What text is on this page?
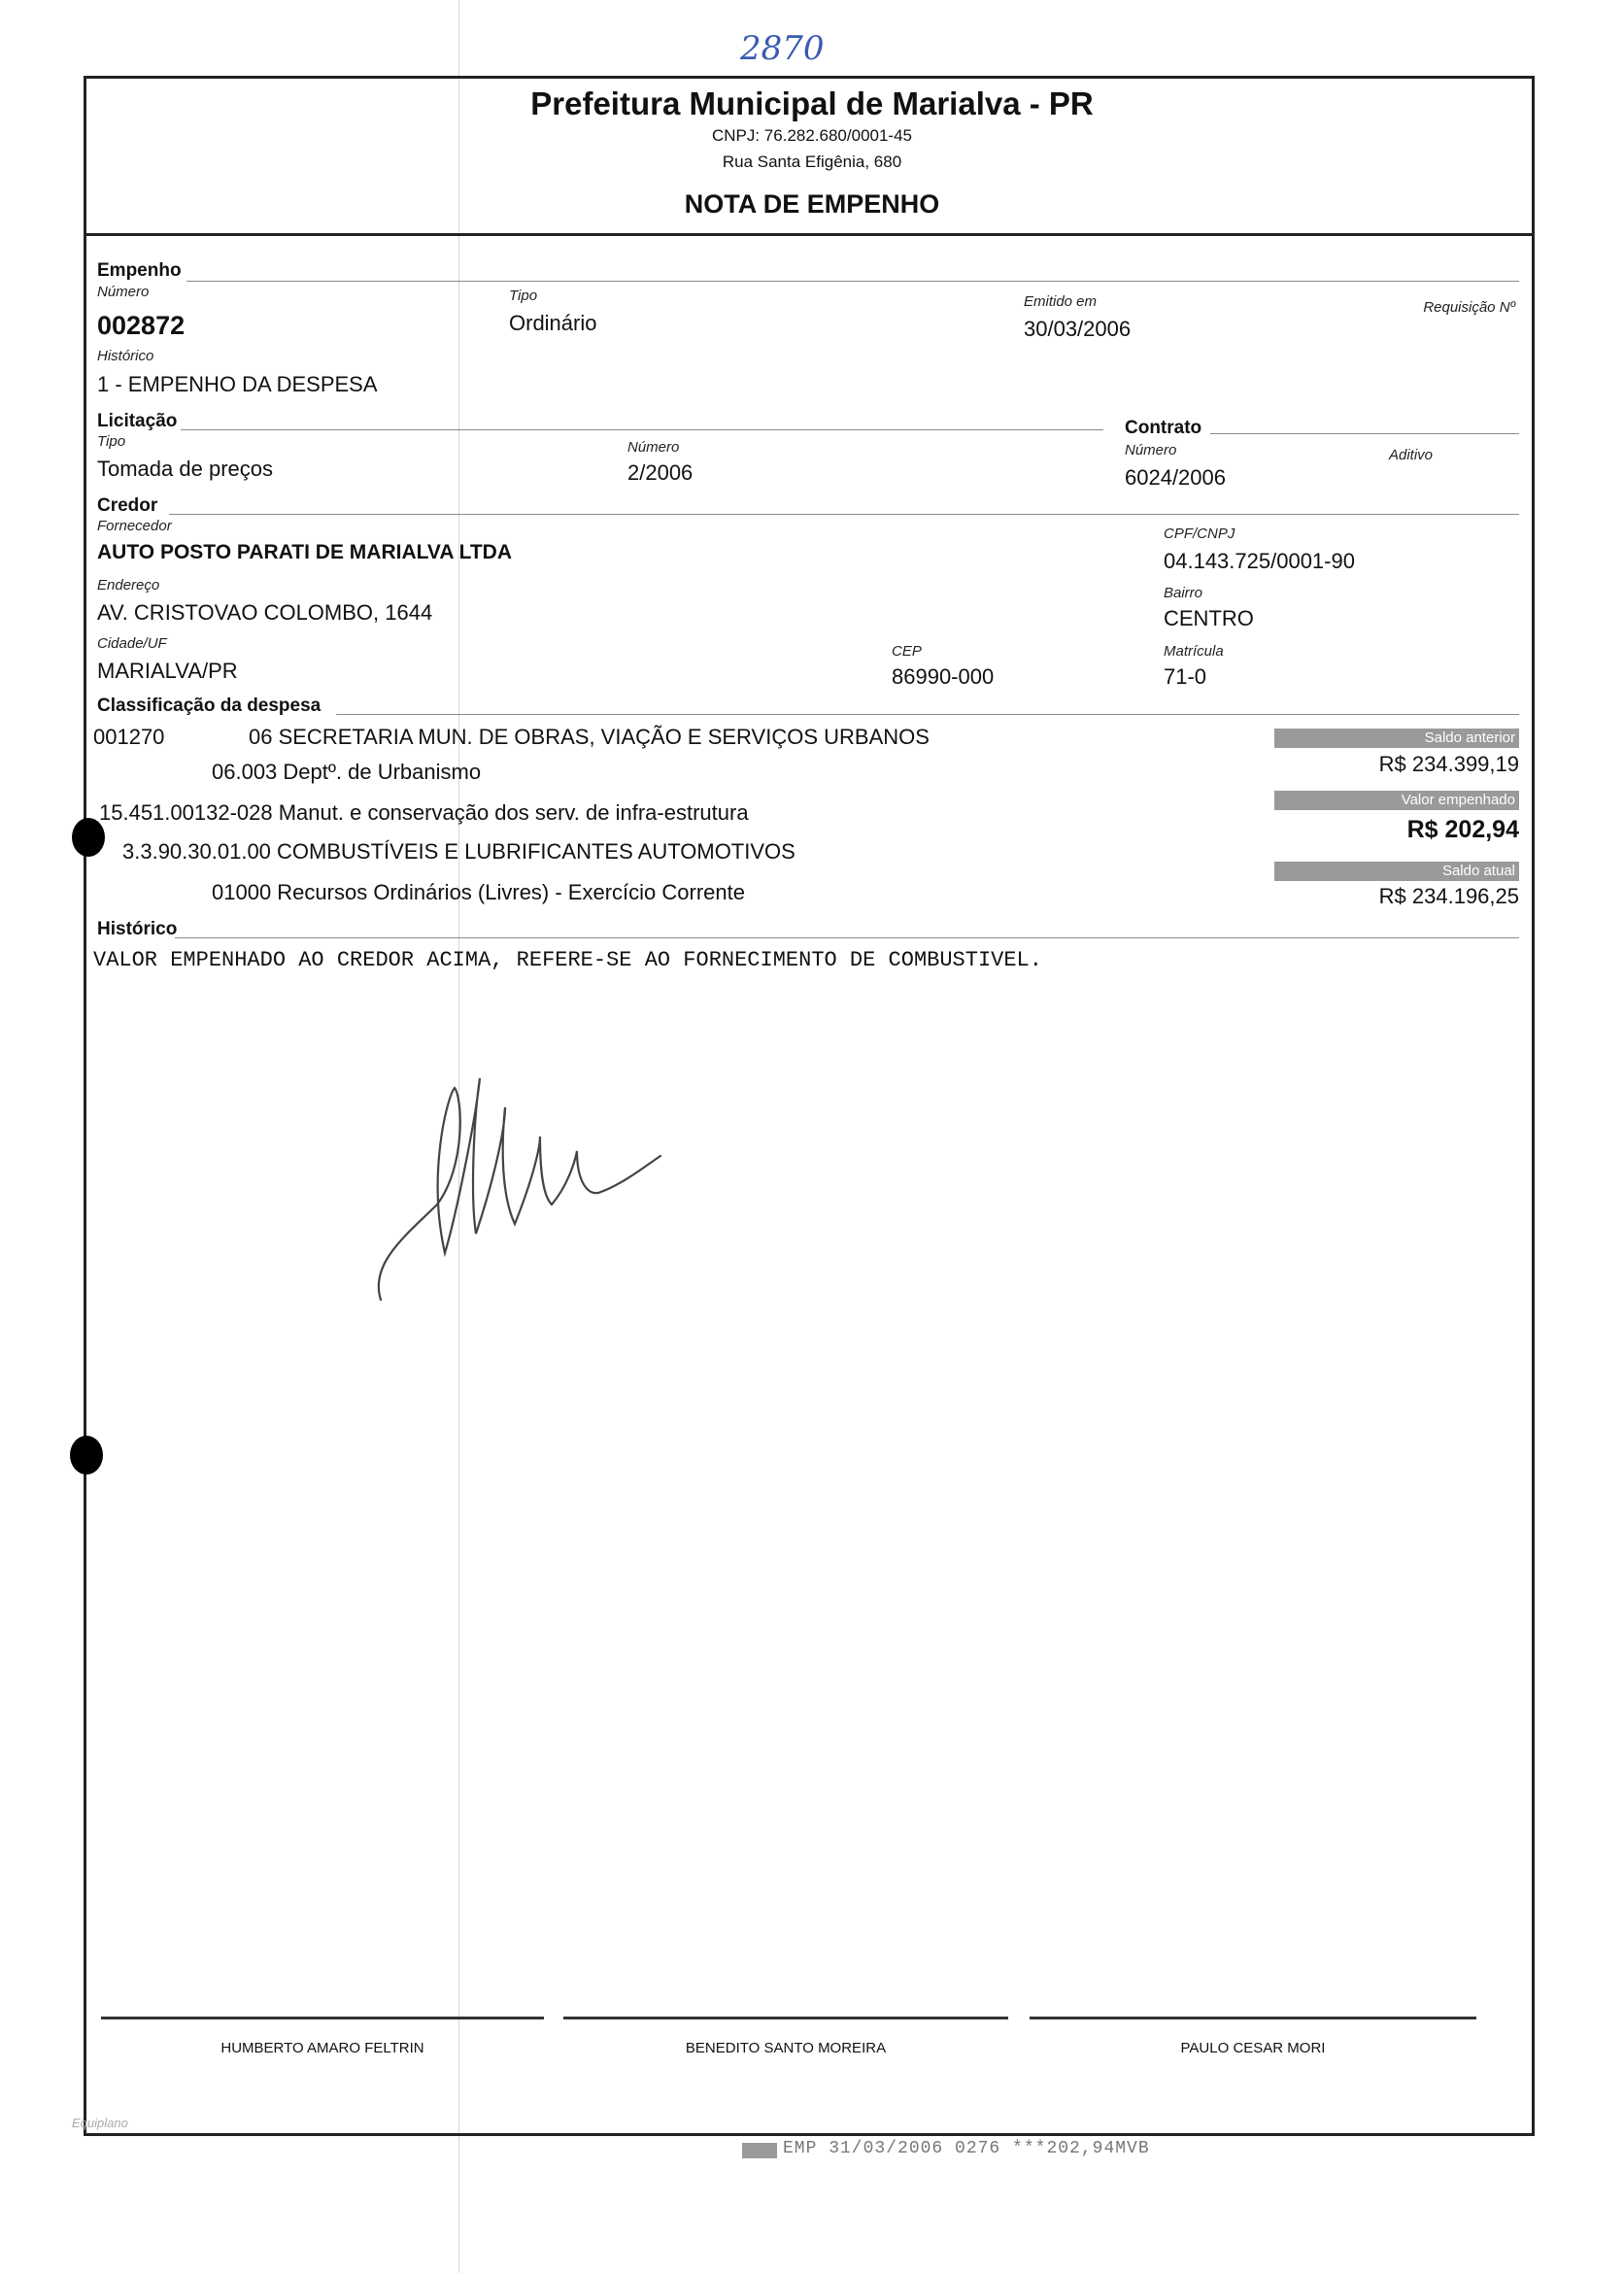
2870
Prefeitura Municipal de Marialva - PR
CNPJ: 76.282.680/0001-45
Rua Santa Efigênia, 680
NOTA DE EMPENHO
Empenho
Número
002872
Tipo
Ordinário
Emitido em
30/03/2006
Requisição Nº
Histórico
1 - EMPENHO DA DESPESA
Licitação
Tipo
Tomada de preços
Número
2/2006
Contrato
Número
6024/2006
Aditivo
Credor
Fornecedor
AUTO POSTO PARATI DE MARIALVA LTDA
CPF/CNPJ
04.143.725/0001-90
Endereço
AV. CRISTOVAO COLOMBO, 1644
Bairro
CENTRO
Cidade/UF
MARIALVA/PR
CEP
86990-000
Matrícula
71-0
Classificação da despesa
001270	06 SECRETARIA MUN. DE OBRAS, VIAÇÃO E SERVIÇOS URBANOS
06.003 Deptº. de Urbanismo
15.451.00132-028 Manut. e conservação dos serv. de infra-estrutura
3.3.90.30.01.00 COMBUSTÍVEIS E LUBRIFICANTES AUTOMOTIVOS
01000 Recursos Ordinários (Livres) - Exercício Corrente
Saldo anterior
R$ 234.399,19
Valor empenhado
R$ 202,94
Saldo atual
R$ 234.196,25
Histórico
VALOR EMPENHADO AO CREDOR ACIMA, REFERE-SE AO FORNECIMENTO DE COMBUSTIVEL.
HUMBERTO AMARO FELTRIN	BENEDITO SANTO MOREIRA	PAULO CESAR MORI
Equiplano
EMP 31/03/2006 0276 ***202,94MVB
